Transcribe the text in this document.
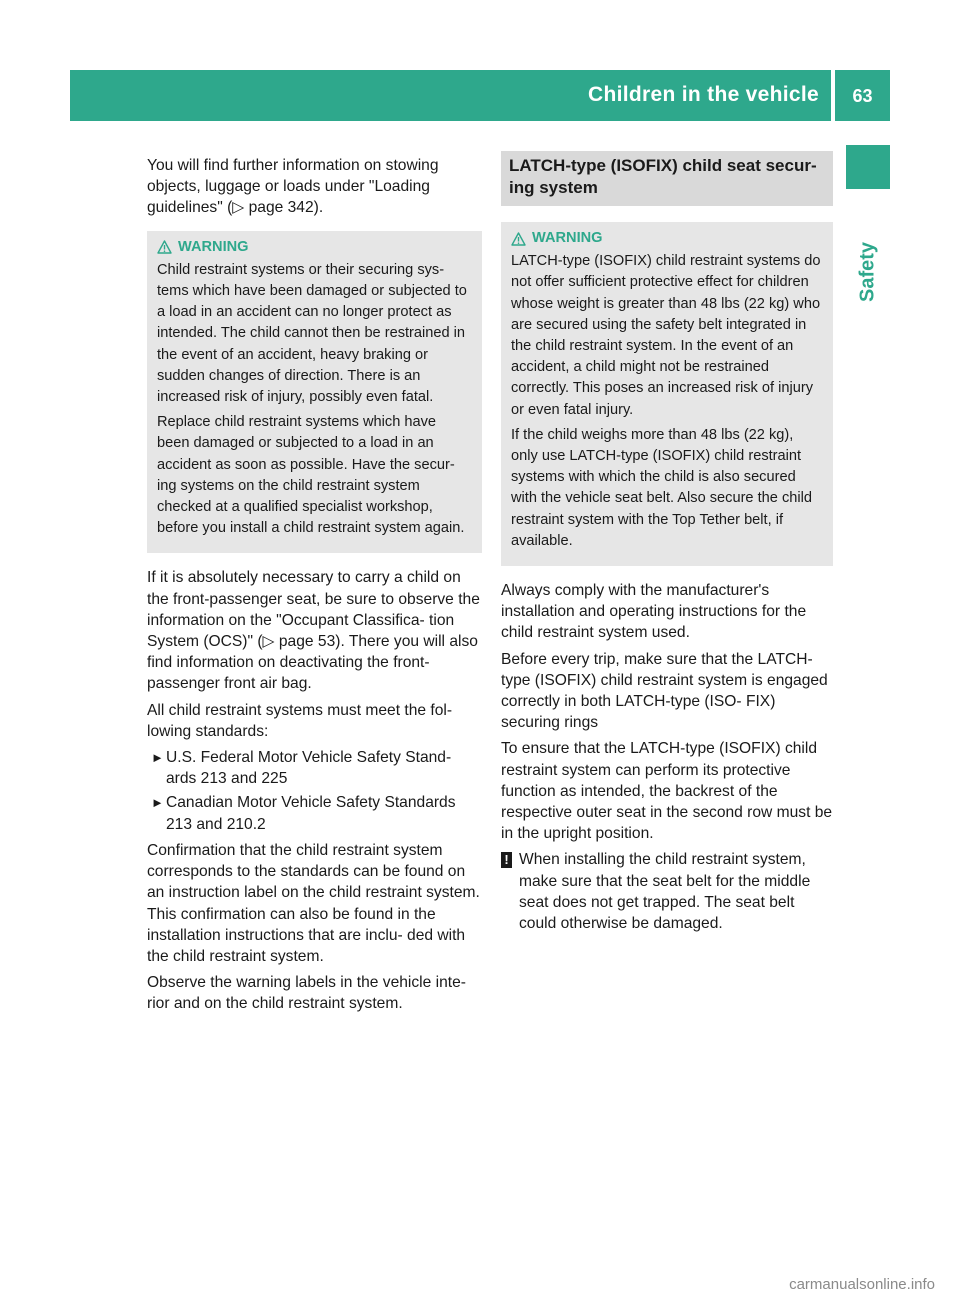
Children in the vehicle	63
Safety

You will find further information on stowing objects, luggage or loads under "Loading guidelines" (▷ page 342).

WARNING

Child restraint systems or their securing sys- tems which have been damaged or subjected to a load in an accident can no longer protect as intended. The child cannot then be restrained in the event of an accident, heavy braking or sudden changes of direction. There is an increased risk of injury, possibly even fatal.

Replace child restraint systems which have been damaged or subjected to a load in an accident as soon as possible. Have the secur- ing systems on the child restraint system checked at a qualified specialist workshop, before you install a child restraint system again.

If it is absolutely necessary to carry a child on the front-passenger seat, be sure to observe the information on the "Occupant Classifica- tion System (OCS)" (▷ page 53). There you will also find information on deactivating the front-passenger front air bag.

All child restraint systems must meet the fol- lowing standards:

► U.S. Federal Motor Vehicle Safety Stand- ards 213 and 225
► Canadian Motor Vehicle Safety Standards 213 and 210.2

Confirmation that the child restraint system corresponds to the standards can be found on an instruction label on the child restraint system. This confirmation can also be found in the installation instructions that are inclu- ded with the child restraint system.

Observe the warning labels in the vehicle inte- rior and on the child restraint system.

LATCH-type (ISOFIX) child seat secur- ing system
WARNING

LATCH-type (ISOFIX) child restraint systems do not offer sufficient protective effect for children whose weight is greater than 48 lbs (22 kg) who are secured using the safety belt integrated in the child restraint system. In the event of an accident, a child might not be restrained correctly. This poses an increased risk of injury or even fatal injury.

If the child weighs more than 48 lbs (22 kg), only use LATCH-type (ISOFIX) child restraint systems with which the child is also secured with the vehicle seat belt. Also secure the child restraint system with the Top Tether belt, if available.

Always comply with the manufacturer's installation and operating instructions for the child restraint system used.

Before every trip, make sure that the LATCH- type (ISOFIX) child restraint system is engaged correctly in both LATCH-type (ISO- FIX) securing rings

To ensure that the LATCH-type (ISOFIX) child restraint system can perform its protective function as intended, the backrest of the respective outer seat in the second row must be in the upright position.

! When installing the child restraint system, make sure that the seat belt for the middle seat does not get trapped. The seat belt could otherwise be damaged.

carmanualsonline.info
